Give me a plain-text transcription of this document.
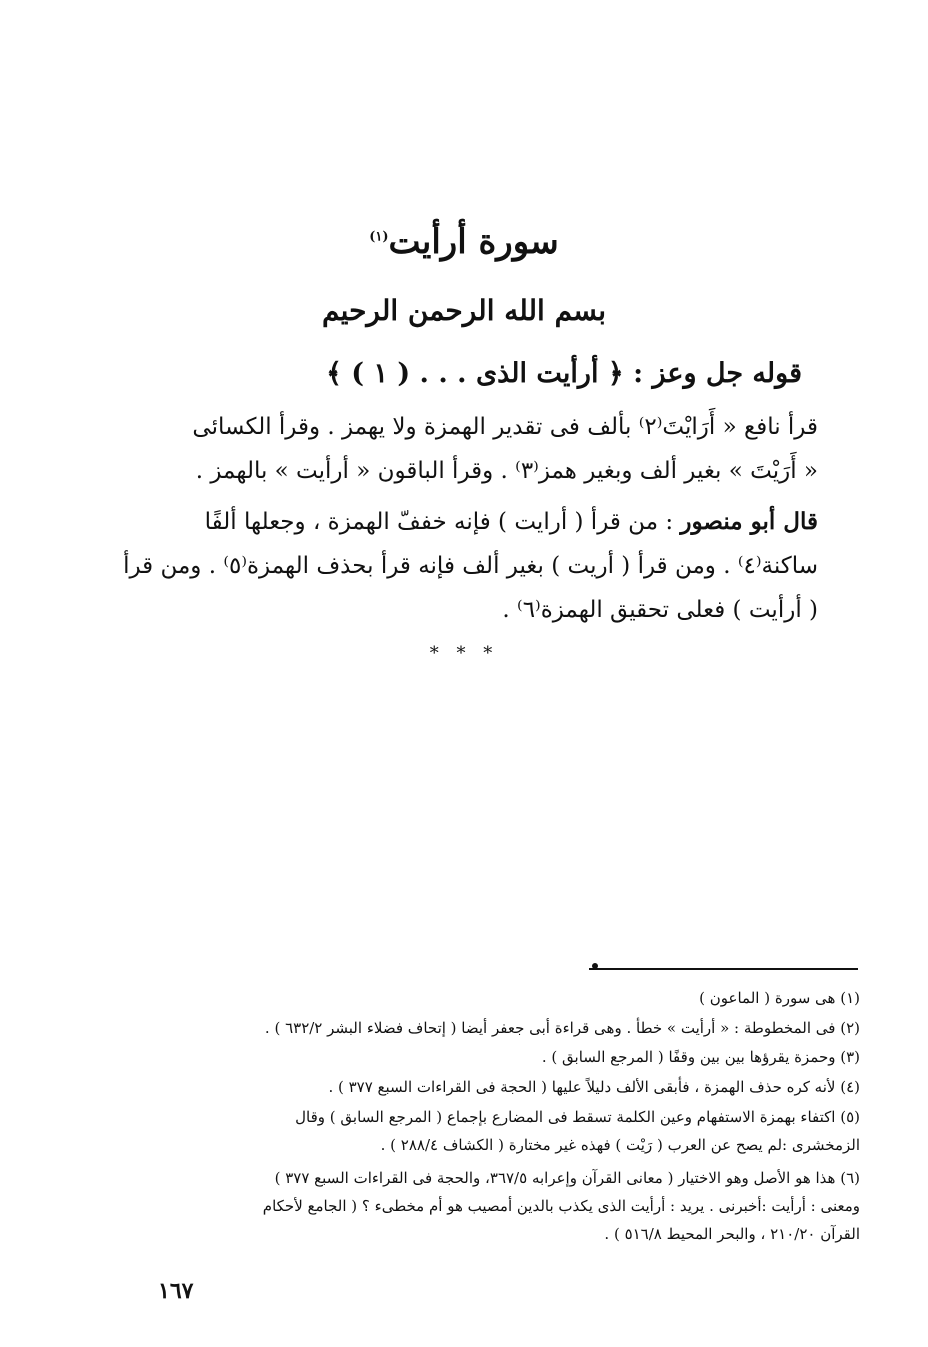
سورة أرأيت$^{(١)}$
بسم الله الرحمن الرحيم
قوله جل وعز : ﴿ أرأيت الذى . . . ( ١ ) ﴾
قرأ نافع « أَرَايْتَ⁽٢⁾ بألف فى تقدير الهمزة ولا يهمز . وقرأ الكسائى
« أَرَيْتَ » بغير ألف وبغير همز⁽٣⁾ . وقرأ الباقون « أرأيت » بالهمز .
قال أبو منصور : من قرأ ( أرايت ) فإنه خففّ الهمزة ، وجعلها ألفًا
ساكنة⁽٤⁾ . ومن قرأ ( أريت ) بغير ألف فإنه قرأ بحذف الهمزة⁽٥⁾ . ومن قرأ
( أرأيت ) فعلى تحقيق الهمزة⁽٦⁾ .
* * *
(١) هى سورة ( الماعون )
(٢) فى المخطوطة : « أرأيت » خطأ . وهى قراءة أبى جعفر أيضا ( إتحاف فضلاء البشر ٦٣٢/٢ ) .
(٣) وحمزة يقرؤها بين بين وقفًا ( المرجع السابق ) .
(٤) لأنه كره حذف الهمزة ، فأبقى الألف دليلاً عليها ( الحجة فى القراءات السبع ٣٧٧ ) .
(٥) اكتفاء بهمزة الاستفهام وعين الكلمة تسقط فى المضارع بإجماع ( المرجع السابق ) وقال
الزمخشرى :لم يصح عن العرب ( رَيْت ) فهذه غير مختارة ( الكشاف ٢٨٨/٤ ) .
(٦) هذا هو الأصل وهو الاختيار ( معانى القرآن وإعرابه ٣٦٧/٥، والحجة فى القراءات السبع ٣٧٧ )
ومعنى : أرأيت :أخبرنى . يريد : أرأيت الذى يكذب بالدين أمصيب هو أم مخطىء ؟ ( الجامع لأحكام
القرآن ٢١٠/٢٠ ، والبحر المحيط ٥١٦/٨ ) .
١٦٧
